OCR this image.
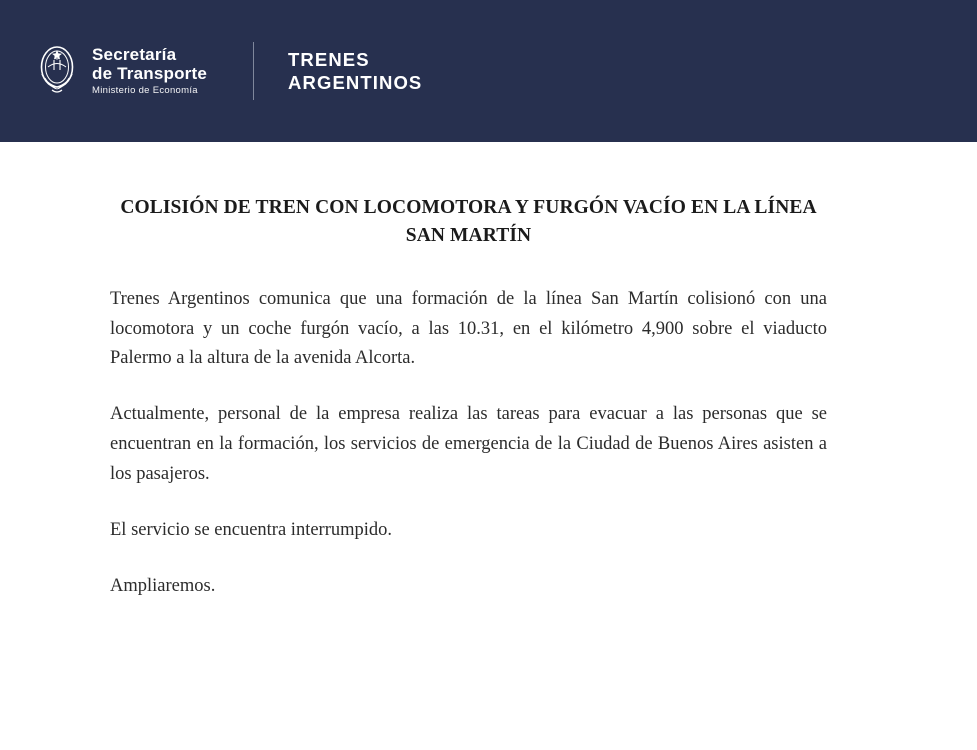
Secretaría
de Transporte
Ministerio de Economía
TRENES
ARGENTINOS
COLISIÓN DE TREN CON LOCOMOTORA Y FURGÓN VACÍO EN LA LÍNEA SAN MARTÍN

Trenes Argentinos comunica que una formación de la línea San Martín colisionó con una locomotora y un coche furgón vacío, a las 10.31, en el kilómetro 4,900 sobre el viaducto Palermo a la altura de la avenida Alcorta.

Actualmente, personal de la empresa realiza las tareas para evacuar a las personas que se encuentran en la formación, los servicios de emergencia de la Ciudad de Buenos Aires asisten a los pasajeros.

El servicio se encuentra interrumpido.

Ampliaremos.
